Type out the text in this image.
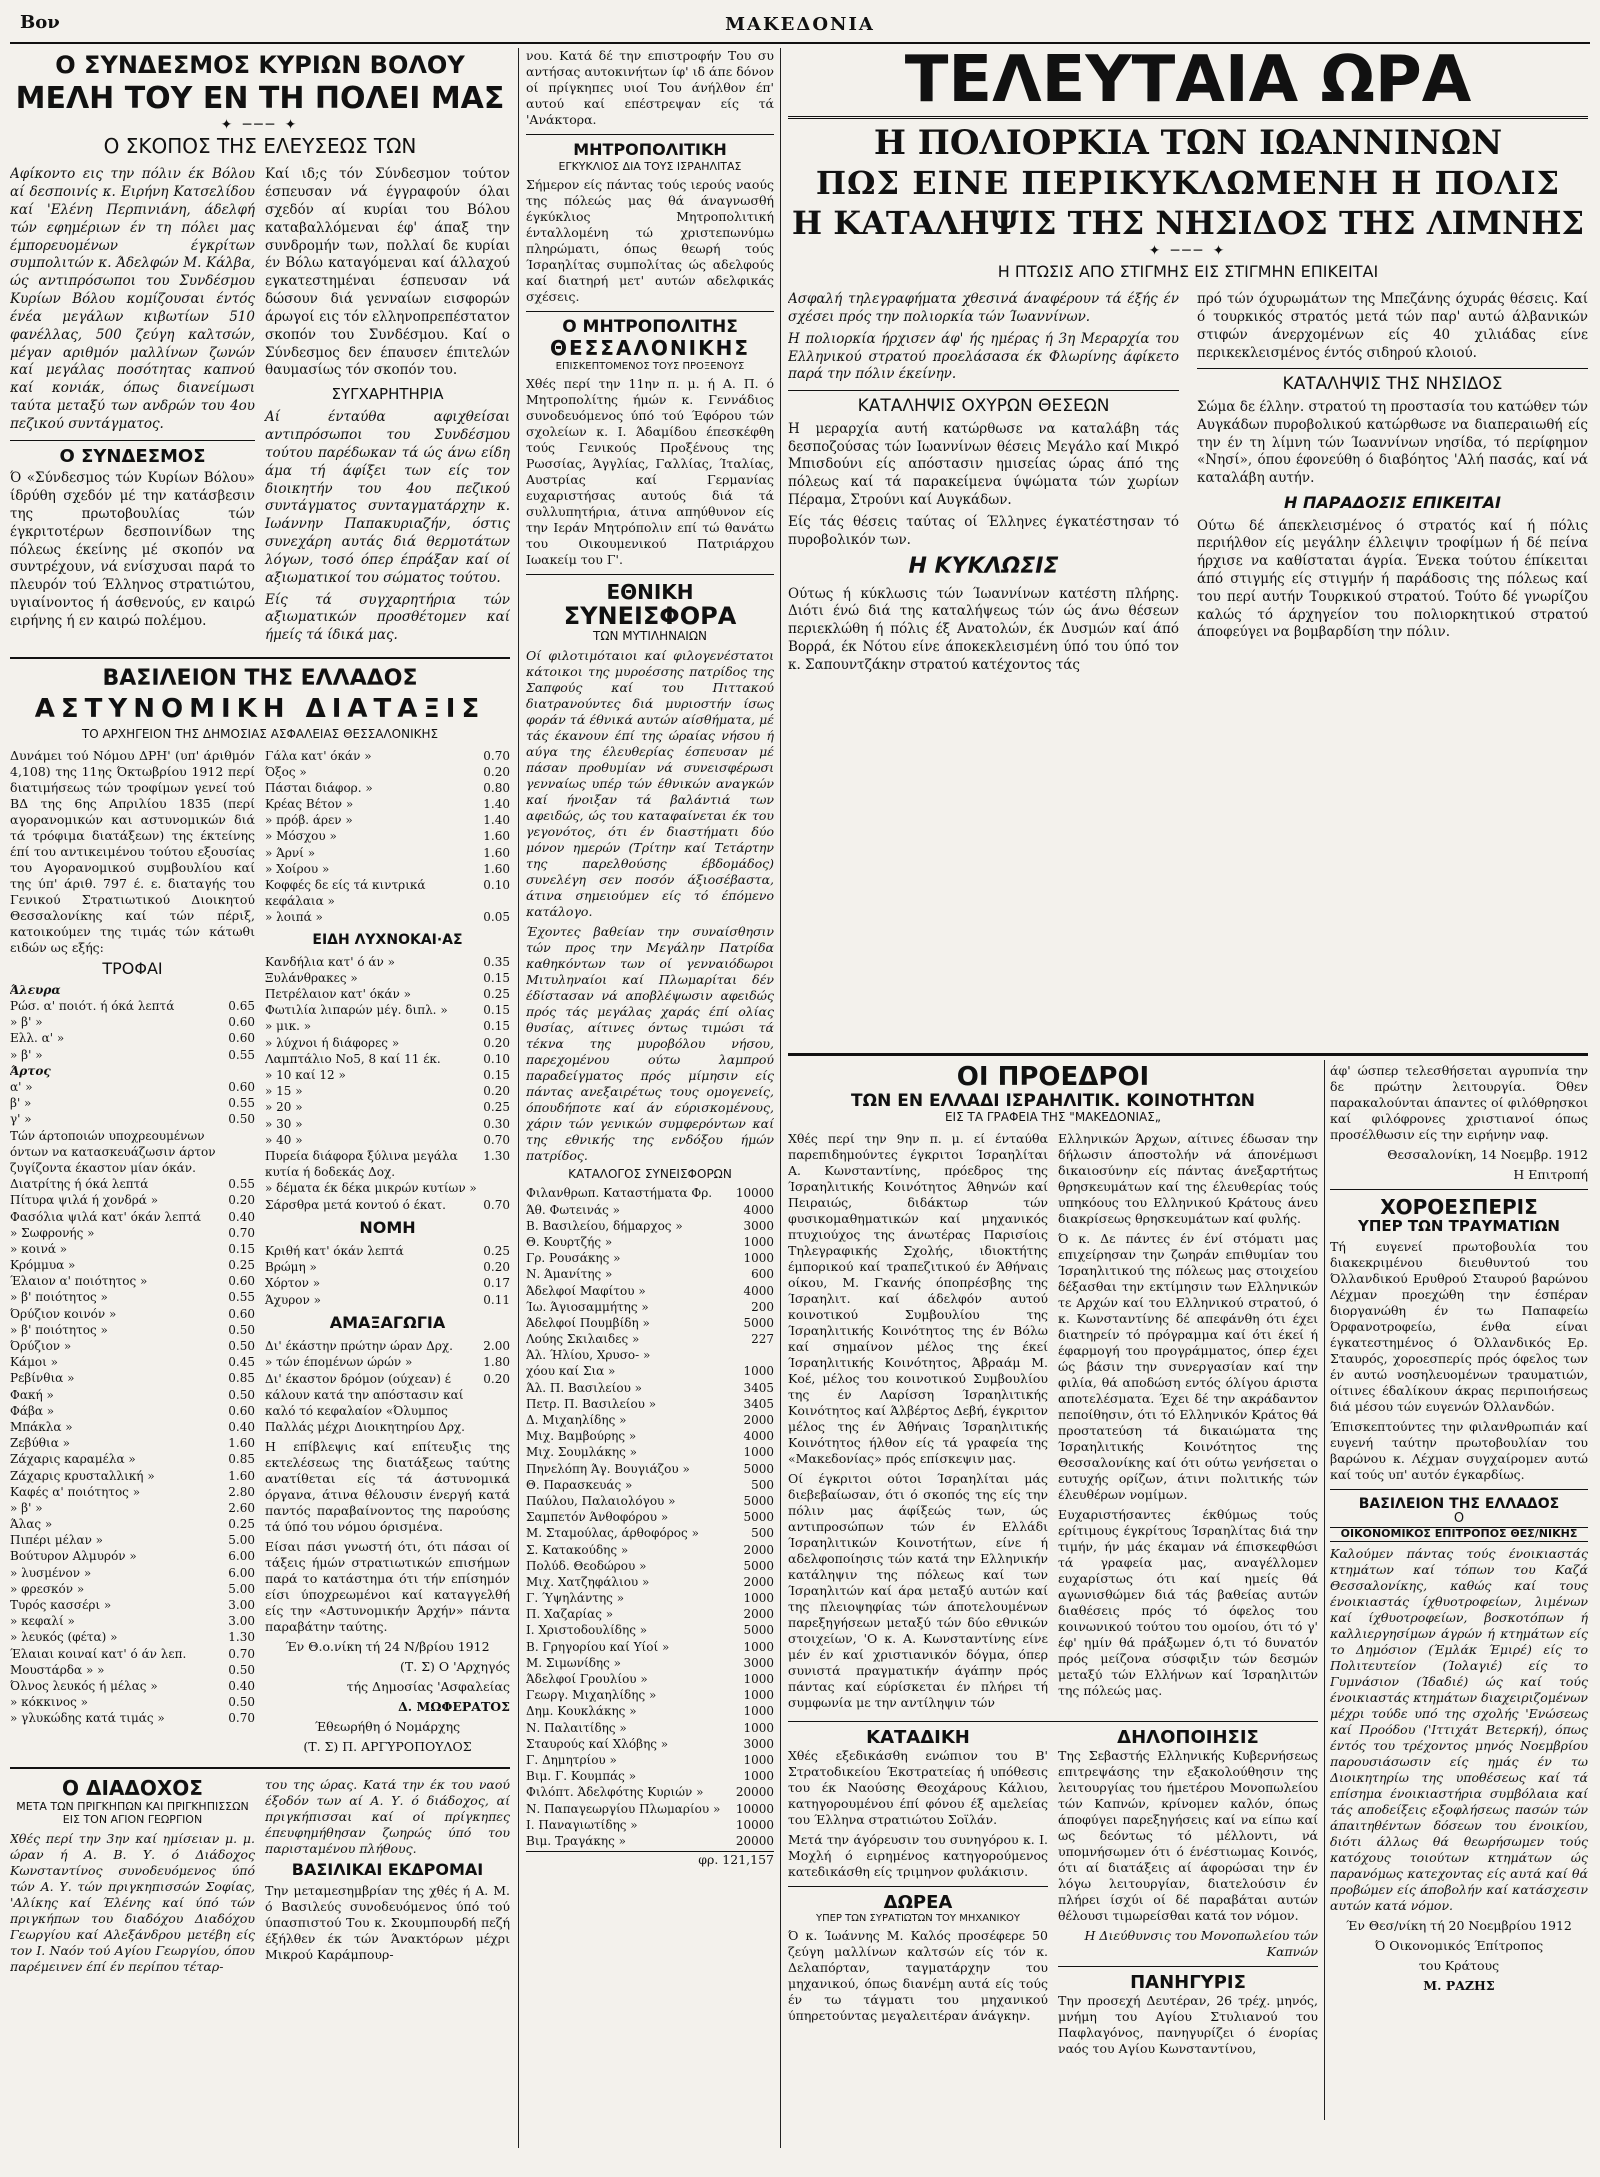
Βον	ΜΑΚΕΔΟΝΙΑ
Ο ΣΥΝΔΕΣΜΟΣ ΚΥΡΙΩΝ ΒΟΛΟΥ
ΜΕΛΗ ΤΟΥ ΕΝ ΤΗ ΠΟΛΕΙ ΜΑΣ
✦ ─── ✦
Ο ΣΚΟΠΟΣ ΤΗΣ ΕΛΕΥΣΕΩΣ ΤΩΝ

Αφίκοντο εις την πόλιν έκ Βόλου αί δεσποινίς κ. Ειρήνη Κατσελίδου καί 'Ελένη Περπινιάνη, άδελφή τών εφημέριων έν τη πόλει μας έμπορευομένων έγκρίτων συμπολιτών κ. Άδελφών Μ. Κάλβα, ώς αντιπρόσωποι του Συνδέσμου Κυρίων Βόλου κομίζουσαι έντός ένέα μεγάλων κιβωτίων 510 φανέλλας, 500 ζεύγη καλτσών, μέγαν αριθμόν μαλλίνων ζωνών καί μεγάλας ποσότητας καπνού καί κονιάκ, όπως διανείμωσι ταύτα μεταξύ των ανδρών του 4ου πεζικού συντάγματος.

Ο ΣΥΝΔΕΣΜΟΣ

Ό «Σύνδεσμος τών Κυρίων Βόλου» ίδρύθη σχεδόν μέ την κατάσβεσιν της πρωτοβουλίας τών έγκριτοτέρων δεσποινίδων της πόλεως έκείνης μέ σκοπόν να συντρέχουν, νά ενίσχυσαι παρά το πλευρόν τού Έλληνος στρατιώτου, υγιαίνοντος ή άσθενούς, εν καιρώ ειρήνης ή εν καιρώ πολέμου.

Καί ιδ;ς τόν Σύνδεσμον τούτον έσπευσαν νά έγγραφούν όλαι σχεδόν αί κυρίαι του Βόλου καταβαλλόμεναι έφ' άπαξ την συνδρομήν των, πολλαί δε κυρίαι έν Βόλω καταγόμεναι καί άλλαχού εγκατεστημέναι έσπευσαν νά δώσουν διά γενναίων εισφορών άρωγοί εις τόν ελληνοπρεπέστατον σκοπόν του Συνδέσμου. Καί ο Σύνδεσμος δεν έπαυσεν έπιτελών θαυμασίως τόν σκοπόν του.

ΣΥΓΧΑΡΗΤΗΡΙΑ

Αί ένταύθα αφιχθείσαι αντιπρόσωποι του Συνδέσμου τούτου παρέδωκαν τά ώς άνω είδη άμα τή άφίξει των είς τον διοικητήν του 4ου πεζικού συντάγματος συνταγματάρχην κ. Ιωάννην Παπακυριαζήν, όστις συνεχάρη αυτάς διά θερμοτάτων λόγων, τοσό όπερ έπράξαν καί οί αξιωματικοί του σώματος τούτου.

Είς τά συγχαρητήρια τών αξιωματικών προσθέτομεν καί ήμείς τά ίδικά μας.

ΒΑΣΙΛΕΙΟΝ ΤΗΣ ΕΛΛΑΔΟΣ
ΑΣΤΥΝΟΜΙΚΗ ΔΙΑΤΑΞΙΣ
ΤΟ ΑΡΧΗΓΕΙΟΝ ΤΗΣ ΔΗΜΟΣΙΑΣ ΑΣΦΑΛΕΙΑΣ ΘΕΣΣΑΛΟΝΙΚΗΣ

Δυνάμει τού Νόμου ΔΡΗ' (υπ' άριθμόν 4,108) της 11ης Όκτωβρίου 1912 περί διατιμήσεως τών τροφίμων γενεί τού ΒΔ της 6ης Απριλίου 1835 (περί αγορανομικών και αστυνομικών διά τά τρόφιμα διατάξεων) της έκτείνης έπί του αντικειμένου τούτου εξουσίας του Αγορανομικού συμβουλίου καί της ύπ' άριθ. 797 έ. ε. διαταγής του Γενικού Στρατιωτικού Διοικητού Θεσσαλονίκης καί τών πέριξ, κατοικούμεν της τιμάς τών κάτωθι ειδών ως εξής:

ΤΡΟΦΑΙ
Άλευρα	
Ρώσ. α' ποιότ. ή όκά λεπτά	0.65
» β' »	0.60
Ελλ. α' »	0.60
» β' »	0.55
Άρτος	
α' »	0.60
β' »	0.55
γ' »	0.50
Τών άρτοποιών υποχρεουμένων όντων να κατασκευάζωσιν άρτον ζυγίζοντα έκαστον μίαν όκάν.	
Διατρίτης ή όκά λεπτά	0.55
Πίτυρα ψιλά ή χονδρά »	0.20
Φασόλια ψιλά κατ' όκάν λεπτά	0.40
» Σωφρονής »	0.70
» κοινά »	0.15
Κρόμμυα »	0.25
Έλαιον α' ποιότητος »	0.60
» β' ποιότητος »	0.55
Όρύζιον κοινόν »	0.60
» β' ποιότητος »	0.50
Όρύζιον »	0.50
Κάμοι »	0.45
Ρεβίνθια »	0.85
Φακή »	0.50
Φάβα »	0.60
Μπάκλα »	0.40
Ζεβύθια »	1.60
Ζάχαρις καραμέλα »	0.85
Ζάχαρις κρυσταλλική »	1.60
Καφές α' ποιότητος »	2.80
» β' »	2.60
Άλας »	0.25
Πιπέρι μέλαν »	5.00
Βούτυρον Αλμυρόν »	6.00
» λυσμένον »	6.00
» φρεσκόν »	5.00
Τυρός κασσέρι »	3.00
» κεφαλί »	3.00
» λευκός (φέτα) »	1.30
Έλαιαι κοιναί κατ' ό άν λεπ.	0.70
Μουστάρδα » »	0.50
Όλνος λευκός ή μέλας »	0.40
» κόκκινος »	0.50
» γλυκώδης κατά τιμάς »	0.70
Γάλα κατ' όκάν »	0.70
Όξος »	0.20
Πάσται διάφορ. »	0.80
Κρέας Βέτον »	1.40
» πρόβ. άρεν »	1.40
» Μόσχου »	1.60
» Άρνί »	1.60
» Χοίρου »	1.60
Κοφφές δε είς τά κιντρικά κεφάλαια »	0.10
» λοιπά »	0.05
ΕΙΔΗ ΛΥΧΝΟΚΑΙ·ΑΣ
Κανδήλια κατ' ό άν »	0.35
Ξυλάνθρακες »	0.15
Πετρέλαιον κατ' όκάν »	0.25
Φωτιλία λιπαρών μέγ. διπλ. »	0.15
» μικ. »	0.15
» λύχνοι ή διάφορες »	0.20
Λαμπτάλιο Νο5, 8 καί 11 έκ.	0.10
» 10 καί 12 »	0.15
» 15 »	0.20
» 20 »	0.25
» 30 »	0.30
» 40 »	0.70
Πυρεία διάφορα ξύλινα μεγάλα κυτία ή δοδεκάς Δοχ.	1.30
» δέματα έκ δέκα μικρών κυτίων »	
Σάρσθρα μετά κοντού ό έκατ.	0.70
ΝΟΜΗ
Κριθή κατ' όκάν λεπτά	0.25
Βρώμη »	0.20
Χόρτον »	0.17
Άχυρον »	0.11
ΑΜΑΞΑΓΩΓΙΑ
Δι' έκάστην πρώτην ώραν Δρχ.	2.00
» τών έπομένων ώρών »	1.80
Δι' έκαστον δρόμον (ούχεαν) έ κάλουν κατά την απόστασιν καί καλό τό κεφαλαίον «Όλυμπος Παλλάς μέχρι Διοικητηρίου Δρχ.	0.20

Η επίβλεψις καί επίτευξις της εκτελέσεως της διατάξεως ταύτης ανατίθεται είς τά άστυνομικά όργανα, άτινα θέλουσιν ένεργή κατά παντός παραβαίνοντος της παρούσης τά ύπό του νόμου όρισμένα.

Είσαι πάσι γνωστή ότι, ότι πάσαι οί τάξεις ήμών στρατιωτικών επισήμων παρά το κατάστημα ότι τήν επίσημόν είσι ύποχρεωμένοι καί καταγγελθή είς την «Αστυνομικήν Άρχήν» πάντα παραβάτην ταύτης.

Έν Θ.ο.νίκη τή 24 Ν/βρίου 1912

(Τ. Σ) Ο 'Αρχηγός

τής Δημοσίας 'Ασφαλείας

Δ. ΜΩΦΕΡΑΤΟΣ

Έθεωρήθη ό Νομάρχης

(Τ. Σ) Π. ΑΡΓΥΡΟΠΟΥΛΟΣ

Ο ΔΙΑΔΟΧΟΣ
ΜΕΤΑ ΤΩΝ ΠΡΙΓΚΗΠΩΝ ΚΑΙ ΠΡΙΓΚΗΠΙΣΣΩΝ ΕΙΣ ΤΟΝ ΑΓΙΟΝ ΓΕΩΡΓΙΟΝ

Χθές περί την 3ην καί ημίσειαν μ. μ. ώραν ή Α. Β. Υ. ό Διάδοχος Κωνσταντίνος συνοδευόμενος ύπό τών Α. Υ. τών πριγκηπισσών Σοφίας, 'Αλίκης καί Έλένης καί ύπό τών πριγκήπων του διαδόχου Διαδόχου Γεωργίου καί Αλεξάνδρου μετέβη είς τον Ι. Ναόν τού Αγίου Γεωργίου, όπου παρέμεινεν έπί έν περίπου τέταρ-

του της ώρας. Κατά την έκ του ναού έξοδόν των αί Α. Υ. ό διάδοχος, αί πριγκήπισσαι καί οί πρίγκηπες έπευφημήθησαν ζωηρώς ύπό του παρισταμένου πλήθους.

ΒΑΣΙΛΙΚΑΙ ΕΚΔΡΟΜΑΙ

Την μεταμεσημβρίαν της χθές ή Α. Μ. ό Βασιλεύς συνοδευόμενος ύπό τού ύπασπιστού Του κ. Σκουμπουρδή πεζή έξήλθεν έκ τών Άνακτόρων μέχρι Μικρού Καράμπουρ-

νου. Κατά δέ την επιστροφήν Του συ αντήσας αυτοκινήτων ίφ' ιδ άπε δόνον οί πρίγκηπες υιοί Του άνήλθον έπ' αυτού καί επέστρεψαν είς τά 'Ανάκτορα.

ΜΗΤΡΟΠΟΛΙΤΙΚΗ
ΕΓΚΥΚΛΙΟΣ ΔΙΑ ΤΟΥΣ ΙΣΡΑΗΛΙΤΑΣ

Σήμερον είς πάντας τούς ιερούς ναούς της πόλεώς μας θά άναγνωσθή έγκύκλιος Μητροπολιτική ένταλλομένη τώ χριστεπωνύμω πληρώματι, όπως θεωρή τούς Ίσραηλίτας συμπολίτας ώς αδελφούς καί διατηρή μετ' αυτών αδελφικάς σχέσεις.

Ο ΜΗΤΡΟΠΟΛΙΤΗΣ
ΘΕΣΣΑΛΟΝΙΚΗΣ
ΕΠΙΣΚΕΠΤΟΜΕΝΟΣ ΤΟΥΣ ΠΡΟΞΕΝΟΥΣ

Χθές περί την 11ην π. μ. ή Α. Π. ό Μητροπολίτης ήμών κ. Γεννάδιος συνοδευόμενος ύπό τού Έφόρου τών σχολείων κ. Ι. Άδαμίδου έπεσκέφθη τούς Γενικούς Προξένους της Ρωσσίας, Άγγλίας, Γαλλίας, Ίταλίας, Αυστρίας καί Γερμανίας ευχαριστήσας αυτούς διά τά συλλυπητήρια, άτινα απηύθυνον είς την Ιεράν Μητρόπολιν επί τώ θανάτω του Οικουμενικού Πατριάρχου Ιωακείμ του Γ'.

ΕΘΝΙΚΗ
ΣΥΝΕΙΣΦΟΡΑ
ΤΩΝ ΜΥΤΙΛΗΝΑΙΩΝ

Οί φιλοτιμόταιοι καί φιλογενέστατοι κάτοικοι της μυροέσσης πατρίδος της Σαπφούς καί του Πιττακού διατρανούντες διά μυριοστήν ίσως φοράν τά έθνικά αυτών αίσθήματα, μέ τάς έκανουν έπί της ώραίας νήσου ή αύγα της έλευθερίας έσπευσαν μέ πάσαν προθυμίαν νά συνεισφέρωσι γενναίως υπέρ τών έθνικών αναγκών καί ήνοιξαν τά βαλάντιά των αφειδώς, ώς του καταφαίνεται έκ του γεγονότος, ότι έν διαστήματι δύο μόνον ημερών (Τρίτην καί Τετάρτην της παρελθούσης έβδομάδος) συνελέγη σεν ποσόν άξιοσέβαστα, άτινα σημειούμεν είς τό έπόμενο κατάλογο.

Έχοντες βαθείαν την συναίσθησιν τών προς την Μεγάλην Πατρίδα καθηκόντων των οί γενναιόδωροι Μιτυληναίοι καί Πλωμαρίται δέν έδίστασαν νά αποβλέψωσιν αφειδώς πρός τάς μεγάλας χαράς έπί ολίας θυσίας, αίτινες όντως τιμώσι τά τέκνα της μυροβόλου νήσου, παρεχομένου ούτω λαμπρού παραδείγματος πρός μίμησιν είς πάντας ανεξαιρέτως τους ομογενείς, όπουδήποτε καί άν εύρισκομένους, χάριν τών γενικών συμφερόντων καί της εθνικής της ενδόξου ήμών πατρίδος.

ΚΑΤΑΛΟΓΟΣ ΣΥΝΕΙΣΦΟΡΩΝ
Φιλανθρωπ. Καταστήματα Φρ.	10000
Άθ. Φωτεινάς »	4000
Β. Βασιλείου, δήμαρχος »	3000
Θ. Κουρτζής »	1000
Γρ. Ρουσάκης »	1000
Ν. Άμανίτης »	600
Άδελφοί Μαφίτου »	4000
Ίω. Άγιοσαμμήτης »	200
Άδελφοί Πουμβίδη »	5000
Λούης Σκιλαιδες »	227
Άλ. Ήλίου, Χρυσο- »	
χόου καί Σια »	1000
Άλ. Π. Βασιλείου »	3405
Πετρ. Π. Βασιλείου »	3405
Δ. Μιχαηλίδης »	2000
Μιχ. Βαμβούρης »	4000
Μιχ. Σουμλάκης »	1000
Πηνελόπη Άγ. Βουγιάζου »	5000
Θ. Παρασκευάς »	500
Παύλου, Παλαιολόγου »	5000
Σαμπετόν Άνθοφόρου »	5000
Μ. Σταμούλας, άρθοφόρος »	500
Σ. Κατακούδης »	2000
Πολύδ. Θεοδώρου »	5000
Μιχ. Χατζηφάλιου »	2000
Γ. Ύψηλάντης »	1000
Π. Χαζαρίας »	2000
Ι. Χριστοδουλίδης »	5000
Β. Γρηγορίου καί Υίοί »	1000
Μ. Σιμωνίδης »	3000
Άδελφοί Γρουλίου »	1000
Γεωργ. Μιχαηλίδης »	1000
Δημ. Κουκλάκης »	1000
Ν. Παλαιτίδης »	1000
Σταυρούς καί Χλόβης »	3000
Γ. Δημητρίου »	1000
Βιμ. Γ. Κουμπάς »	1000
Φιλόπτ. Άδελφότης Κυριών »	20000
Ν. Παπαγεωργίου Πλωμαρίου »	10000
Ι. Παναγιωτίδης »	10000
Βιμ. Τραγάκης »	20000

φρ. 121,157

ΤΕΛΕΥΤΑΙΑ ΩΡΑ
Η ΠΟΛΙΟΡΚΙΑ ΤΩΝ ΙΩΑΝΝΙΝΩΝ
ΠΩΣ ΕΙΝΕ ΠΕΡΙΚΥΚΛΩΜΕΝΗ Η ΠΟΛΙΣ
Η ΚΑΤΑΛΗΨΙΣ ΤΗΣ ΝΗΣΙΔΟΣ ΤΗΣ ΛΙΜΝΗΣ
✦ ─── ✦
Η ΠΤΩΣΙΣ ΑΠΟ ΣΤΙΓΜΗΣ ΕΙΣ ΣΤΙΓΜΗΝ ΕΠΙΚΕΙΤΑΙ

Ασφαλή τηλεγραφήματα χθεσινά άναφέρουν τά έξής έν σχέσει πρός την πολιορκία τών Ίωαννίνων.

Η πολιορκία ήρχισεν άφ' ής ημέρας ή 3η Μεραρχία του Ελληνικού στρατού προελάσασα έκ Φλωρίνης άφίκετο παρά την πόλιν έκείνην.

ΚΑΤΑΛΗΨΙΣ ΟΧΥΡΩΝ ΘΕΣΕΩΝ

Η μεραρχία αυτή κατώρθωσε να καταλάβη τάς δεσποζούσας τών Ιωαννίνων θέσεις Μεγάλο καί Μικρό Μπισδούνι είς απόστασιν ημισείας ώρας άπό της πόλεως καί τά παρακείμενα ύψώματα τών χωρίων Πέραμα, Στρούνι καί Αυγκάδων.

Είς τάς θέσεις ταύτας οί Έλληνες έγκατέστησαν τό πυροβολικόν των.

Η ΚΥΚΛΩΣΙΣ

Ούτως ή κύκλωσις τών Ίωαννίνων κατέστη πλήρης. Διότι ένώ διά της καταλήψεως τών ώς άνω θέσεων περιεκλώθη ή πόλις έξ Ανατολών, έκ Δυσμών καί άπό Βορρά, έκ Νότου είνε άποκεκλεισμένη ύπό του ύπό τον κ. Σαπουντζάκην στρατού κατέχοντος τάς

πρό τών όχυρωμάτων της Μπεζάνης όχυράς θέσεις. Καί ό τουρκικός στρατός μετά τών παρ' αυτώ άλβανικών στιφών άνερχομένων είς 40 χιλιάδας είνε περικεκλεισμένος έντός σιδηρού κλοιού.

ΚΑΤΑΛΗΨΙΣ ΤΗΣ ΝΗΣΙΔΟΣ

Σώμα δε έλλην. στρατού τη προστασία του κατώθεν τών Αυγκάδων πυροβολικού κατώρθωσε να διαπεραιωθή είς την έν τη λίμνη τών Ίωαννίνων νησίδα, τό περίφημον «Νησί», όπου έφονεύθη ό διαβόητος 'Αλή πασάς, καί νά καταλάβη αυτήν.

Η ΠΑΡΑΔΟΣΙΣ ΕΠΙΚΕΙΤΑΙ

Ούτω δέ άπεκλεισμένος ό στρατός καί ή πόλις περιήλθον είς μεγάλην έλλειψιν τροφίμων ή δέ πείνα ήρχισε να καθίσταται άγρία. Ένεκα τούτου έπίκειται άπό στιγμής είς στιγμήν ή παράδοσις της πόλεως καί του περί αυτήν Τουρκικού στρατού. Τούτο δέ γνωρίζου καλώς τό άρχηγείον του πολιορκητικού στρατού άποφεύγει να βομβαρδίση την πόλιν.

ΟΙ ΠΡΟΕΔΡΟΙ
ΤΩΝ ΕΝ ΕΛΛΑΔΙ ΙΣΡΑΗΛΙΤΙΚ. ΚΟΙΝΟΤΗΤΩΝ
ΕΙΣ ΤΑ ΓΡΑΦΕΙΑ ΤΗΣ "ΜΑΚΕΔΟΝΙΑΣ„

Χθές περί την 9ην π. μ. εί ένταύθα παρεπιδημούντες έγκριτοι Ίσραηλίται Α. Κωνσταντίνης, πρόεδρος της Ίσραηλιτικής Κοινότητος Άθηνών καί Πειραιώς, διδάκτωρ τών φυσικομαθηματικών καί μηχανικός πτυχιούχος της άνωτέρας Παρισίοις Τηλεγραφικής Σχολής, ιδιοκτήτης έμπορικού καί τραπεζιτικού έν Άθήναις οίκου, Μ. Γκανής όποπρέσβης της Ίσραηλιτ. καί άδελφόν αυτού κοινοτικού Συμβουλίου της Ίσραηλιτικής Κοινότητος της έν Βόλω καί σημαίνον μέλος της έκεί Ίσραηλιτικής Κοινότητος, Άβραάμ Μ. Κοέ, μέλος του κοινοτικού Συμβουλίου της έν Λαρίσση Ίσραηλιτικής Κοινότητος καί Άλβέρτος Δεβή, έγκριτον μέλος της έν Άθήναις Ίσραηλιτικής Κοινότητος ήλθον είς τά γραφεία της «Μακεδονίας» πρός επίσκεψιν μας.

Οί έγκριτοι ούτοι Ίσραηλίται μάς διεβεβαίωσαν, ότι ό σκοπός της είς την πόλιν μας άφίξεώς των, ώς αντιπροσώπων τών έν Ελλάδι Ίσραηλιτικών Κοινοτήτων, είνε ή αδελφοποίησις τών κατά την Ελληνικήν κατάληψιν της πόλεως καί των Ίσραηλιτών καί άρα μεταξύ αυτών καί της πλειοψηφίας τών άποτελουμένων παρεξηγήσεων μεταξύ τών δύο εθνικών στοιχείων, 'Ο κ. Α. Κωνσταντίνης είνε μέν έν καί χριστιανικόν δόγμα, όπερ συνιστά πραγματικήν άγάπην πρός πάντας καί εύρίσκεται έν πλήρει τή συμφωνία με την αντίληψιν τών

Ελληνικών Άρχων, αίτινες έδωσαν την δήλωσιν άποστολήν νά άπονέμωσι δικαιοσύνην είς πάντας άνεξαρτήτως θρησκευμάτων καί της έλευθερίας τούς υπηκόους του Ελληνικού Κράτους άνευ διακρίσεως θρησκευμάτων καί φυλής.

Ό κ. Δε πάντες έν ένί στόματι μας επιχείρησαν την ζωηράν επιθυμίαν του Ίσραηλιτικού της πόλεως μας στοιχείου δέξασθαι την εκτίμησιν των Ελληνικών τε Αρχών καί του Ελληνικού στρατού, ό κ. Κωνσταντίνης δέ απεφάνθη ότι έχει διατηρείν τό πρόγραμμα καί ότι έκεί ή έφαρμογή του προγράμματος, όπερ έχει ώς βάσιν την συνεργασίαν καί την φιλία, θά αποδώση εντός όλίγου άριστα αποτελέσματα. Έχει δέ την ακράδαντον πεποίθησιν, ότι τό Ελληνικόν Κράτος θά προστατεύση τά δικαιώματα της Ίσραηλιτικής Κοινότητος της Θεσσαλονίκης καί ότι ούτω γενήσεται ο ευτυχής ορίζων, άτινι πολιτικής τών έλευθέρων νομίμων.

Ευχαριστήσαντες έκθύμως τούς ερίτιμους έγκρίτους Ίσραηλίτας διά την τιμήν, ήν μάς έκαμαν νά έπισκεφθώσι τά γραφεία μας, αναγέλλομεν ευχαρίστως ότι καί ημείς θά αγωνισθώμεν διά τάς βαθείας αυτών διαθέσεις πρός τό όφελος του κοινωνικού τούτου του ομοίου, ότι τό γ' έφ' ημίν θά πράξωμεν ό,τι τό δυνατόν πρός μείζονα σύσφιξιν τών δεσμών μεταξύ τών Ελλήνων καί Ίσραηλιτών της πόλεώς μας.

ΚΑΤΑΔΙΚΗ

Χθές εξεδικάσθη ενώπιον του Β' Στρατοδικείου Έκστρατείας ή υπόθεσις του έκ Ναούσης Θεοχάρους Κάλιου, κατηγορουμένου έπί φόνου έξ αμελείας του Έλληνα στρατιώτου Σοϊλάν.

Μετά την άγόρευσιν του συνηγόρου κ. Ι. Μοχλή ό ειρημένος κατηγορούμενος κατεδικάσθη είς τριμηνον φυλάκισιν.

ΔΩΡΕΑ
ΥΠΕΡ ΤΩΝ ΣΥΡΑΤΙΩΤΩΝ ΤΟΥ ΜΗΧΑΝΙΚΟΥ

Ό κ. Ίωάννης Μ. Καλός προσέφερε 50 ζεύγη μαλλίνων καλτσών είς τόν κ. Δελαπόρταν, ταγματάρχην του μηχανικού, όπως διανέμη αυτά είς τούς έν τω τάγματι του μηχανικού ύπηρετούντας μεγαλειτέραν άνάγκην.

ΔΗΛΟΠΟΙΗΣΙΣ

Της Σεβαστής Ελληνικής Κυβερνήσεως επιτρεψάσης την εξακολούθησιν της λειτουργίας του ήμετέρου Μονοπωλείου τών Καπνών, κρίνομεν καλόν, όπως άποφύγει παρεξηγήσεις καί να είπω καί ως δεόντως τό μέλλοντι, νά υπομνήσωμεν ότι ό ένέστιωμας Κοινός, ότι αί διατάξεις αί άφορώσαι την έν λόγω λειτουργίαν, διατελούσιν έν πλήρει ίσχύι οί δέ παραβάται αυτών θέλουσι τιμωρείσθαι κατά τον νόμον.

Η Διεύθυνσις του Μονοπωλείου τών Καπνών

ΠΑΝΗΓΥΡΙΣ

Την προσεχή Δευτέραν, 26 τρέχ. μηνός, μνήμη του Αγίου Στυλιανού του Παφλαγόνος, πανηγυρίζει ό ένορίας ναός του Αγίου Κωνσταντίνου,

άφ' ώσπερ τελεσθήσεται αγρυπνία την δε πρώτην λειτουργία. Όθεν παρακαλούνται άπαντες οί φιλόθρησκοι καί φιλόφρονες χριστιανοί όπως προσέλθωσιν είς την ειρήνην ναφ.

Θεσσαλονίκη, 14 Νοεμβρ. 1912

Η Επιτροπή

ΧΟΡΟΕΣΠΕΡΙΣ
ΥΠΕΡ ΤΩΝ ΤΡΑΥΜΑΤΙΩΝ

Τή ευγενεί πρωτοβουλία του διακεκριμένου διευθυντού του Όλλανδικού Ερυθρού Σταυρού βαρώνου Λέχμαν προεχώθη την έσπέραν διοργανώθη έν τω Παπαφείω Όρφανοτροφείω, ένθα είναι έγκατεστημένος ό Όλλανδικός Ερ. Σταυρός, χοροεσπερίς πρός όφελος των έν αυτώ νοσηλευομένων τραυματιών, οίτινες έδαλίκουν άκρας περιποιήσεως διά μέσου τών ευγενών Όλλανδών.

Έπισκεπτούντες την φιλανθρωπιάν καί ευγενή ταύτην πρωτοβουλίαν του βαρώνου κ. Λέχμαν συγχαίρομεν αυτώ καί τούς υπ' αυτόν έγκαρδίως.

ΒΑΣΙΛΕΙΟΝ ΤΗΣ ΕΛΛΑΔΟΣ
Ο
ΟΙΚΟΝΟΜΙΚΟΣ ΕΠΙΤΡΟΠΟΣ ΘΕΣ/ΝΙΚΗΣ

Καλούμεν πάντας τούς ένοικιαστάς κτημάτων καί τόπων του Καζά Θεσσαλονίκης, καθώς καί τους ένοικιαστάς ίχθυοτροφείων, λιμένων καί ίχθυοτροφείων, βοσκοτόπων ή καλλιεργησίμων άγρών ή κτημάτων είς το Δημόσιον (Έμλάκ Έμιρέ) είς το Πολιτευτείον (Ίολαγιέ) είς το Γυμνάσιον (Ίδαδιέ) ώς καί τούς ένοικιαστάς κτημάτων διαχειριζομένων μέχρι τούδε υπό της σχολής 'Ενώσεως καί Προόδου ('Ιττιχάτ Βετερκή), όπως έντός του τρέχοντος μηνός Νοεμβρίου παρουσιάσωσιν είς ημάς έν τω Διοικητηρίω της υποθέσεως καί τά επίσημα ένοικιαστήρια συμβόλαια καί τάς αποδείξεις εξοφλήσεως πασών τών άπαιτηθέντων δόσεων του ένοικίου, διότι άλλως θά θεωρήσωμεν τούς κατόχους τοιούτων κτημάτων ώς παρανόμως κατεχοντας είς αυτά καί θά προβώμεν είς άποβολήν καί κατάσχεσιν αυτών κατά νόμον.

Έν Θεσ/νίκη τή 20 Νοεμβρίου 1912

Ό Οικονομικός Έπίτροπος

του Κράτους

Μ. ΡΑΖΗΣ
